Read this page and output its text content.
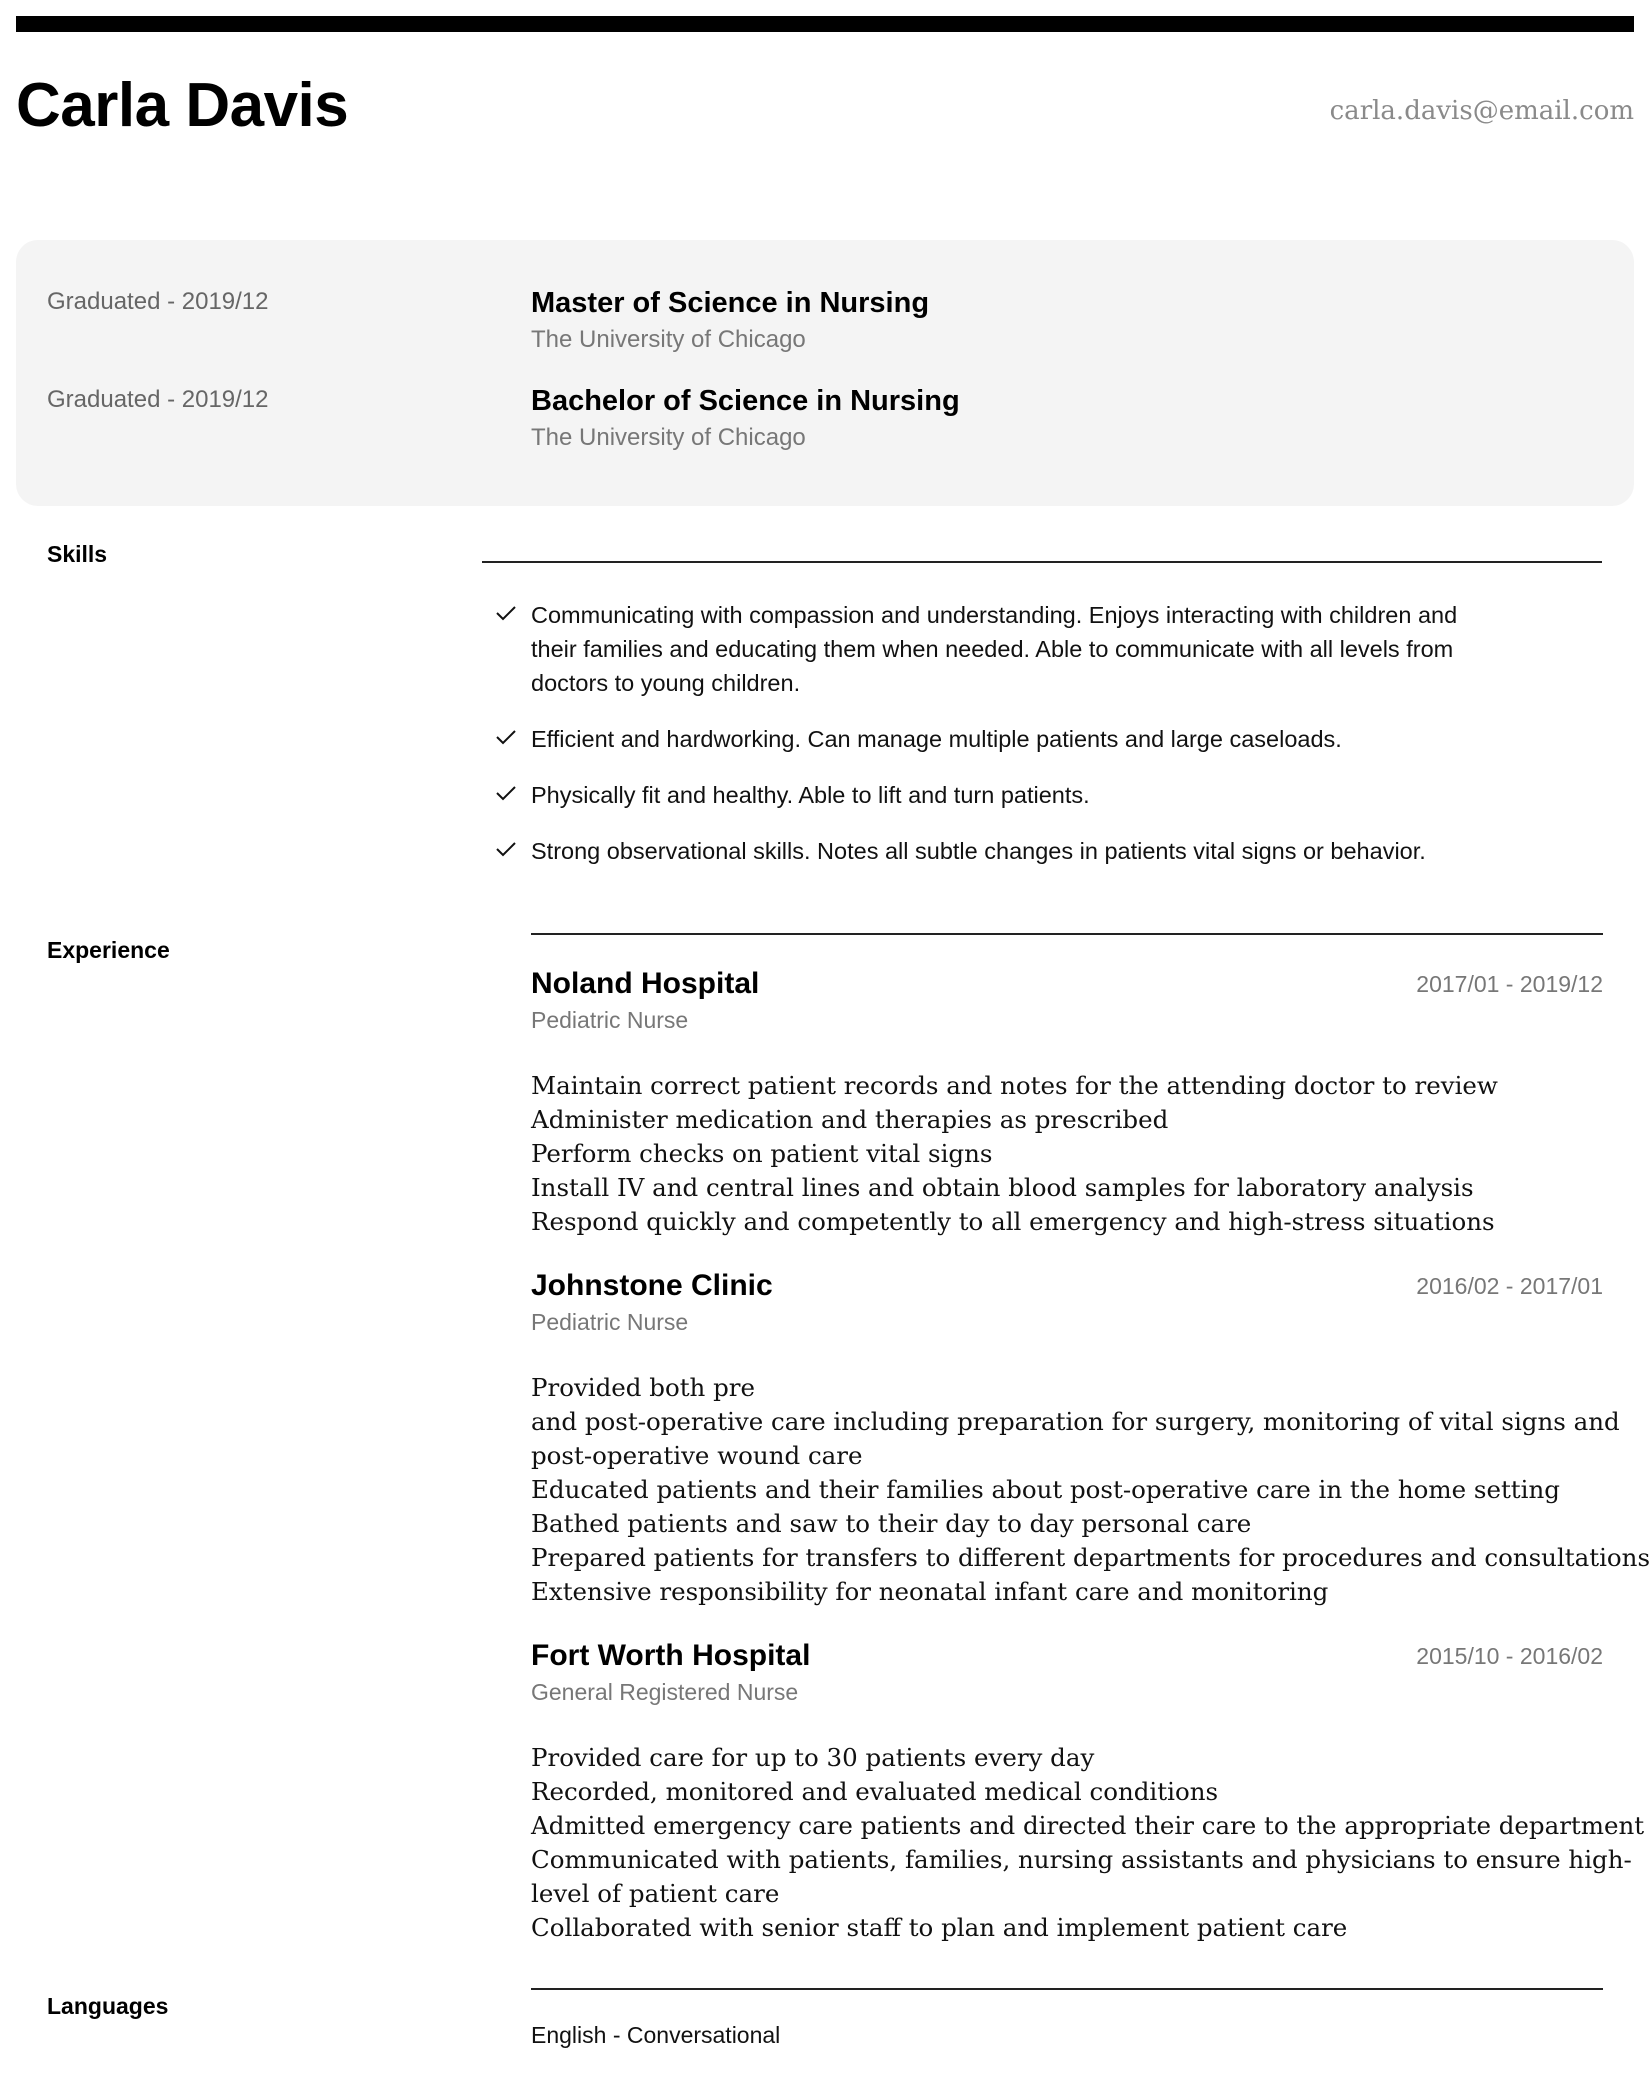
Carla Davis	carla.davis@email.com
Graduated - 2019/12	Master of Science in Nursing
The University of Chicago
Graduated - 2019/12	Bachelor of Science in Nursing
The University of Chicago
Skills
Communicating with compassion and understanding. Enjoys interacting with children and
their families and educating them when needed. Able to communicate with all levels from
doctors to young children.
Efficient and hardworking. Can manage multiple patients and large caseloads.
Physically fit and healthy. Able to lift and turn patients.
Strong observational skills. Notes all subtle changes in patients vital signs or behavior.
Experience
Noland Hospital	2017/01 - 2019/12
Pediatric Nurse
Maintain correct patient records and notes for the attending doctor to review
Administer medication and therapies as prescribed
Perform checks on patient vital signs
Install IV and central lines and obtain blood samples for laboratory analysis
Respond quickly and competently to all emergency and high-stress situations
Johnstone Clinic	2016/02 - 2017/01
Pediatric Nurse
Provided both pre
and post-operative care including preparation for surgery, monitoring of vital signs and
post-operative wound care
Educated patients and their families about post-operative care in the home setting
Bathed patients and saw to their day to day personal care
Prepared patients for transfers to different departments for procedures and consultations
Extensive responsibility for neonatal infant care and monitoring
Fort Worth Hospital	2015/10 - 2016/02
General Registered Nurse
Provided care for up to 30 patients every day
Recorded, monitored and evaluated medical conditions
Admitted emergency care patients and directed their care to the appropriate department
Communicated with patients, families, nursing assistants and physicians to ensure high-
level of patient care
Collaborated with senior staff to plan and implement patient care
Languages
English - Conversational
